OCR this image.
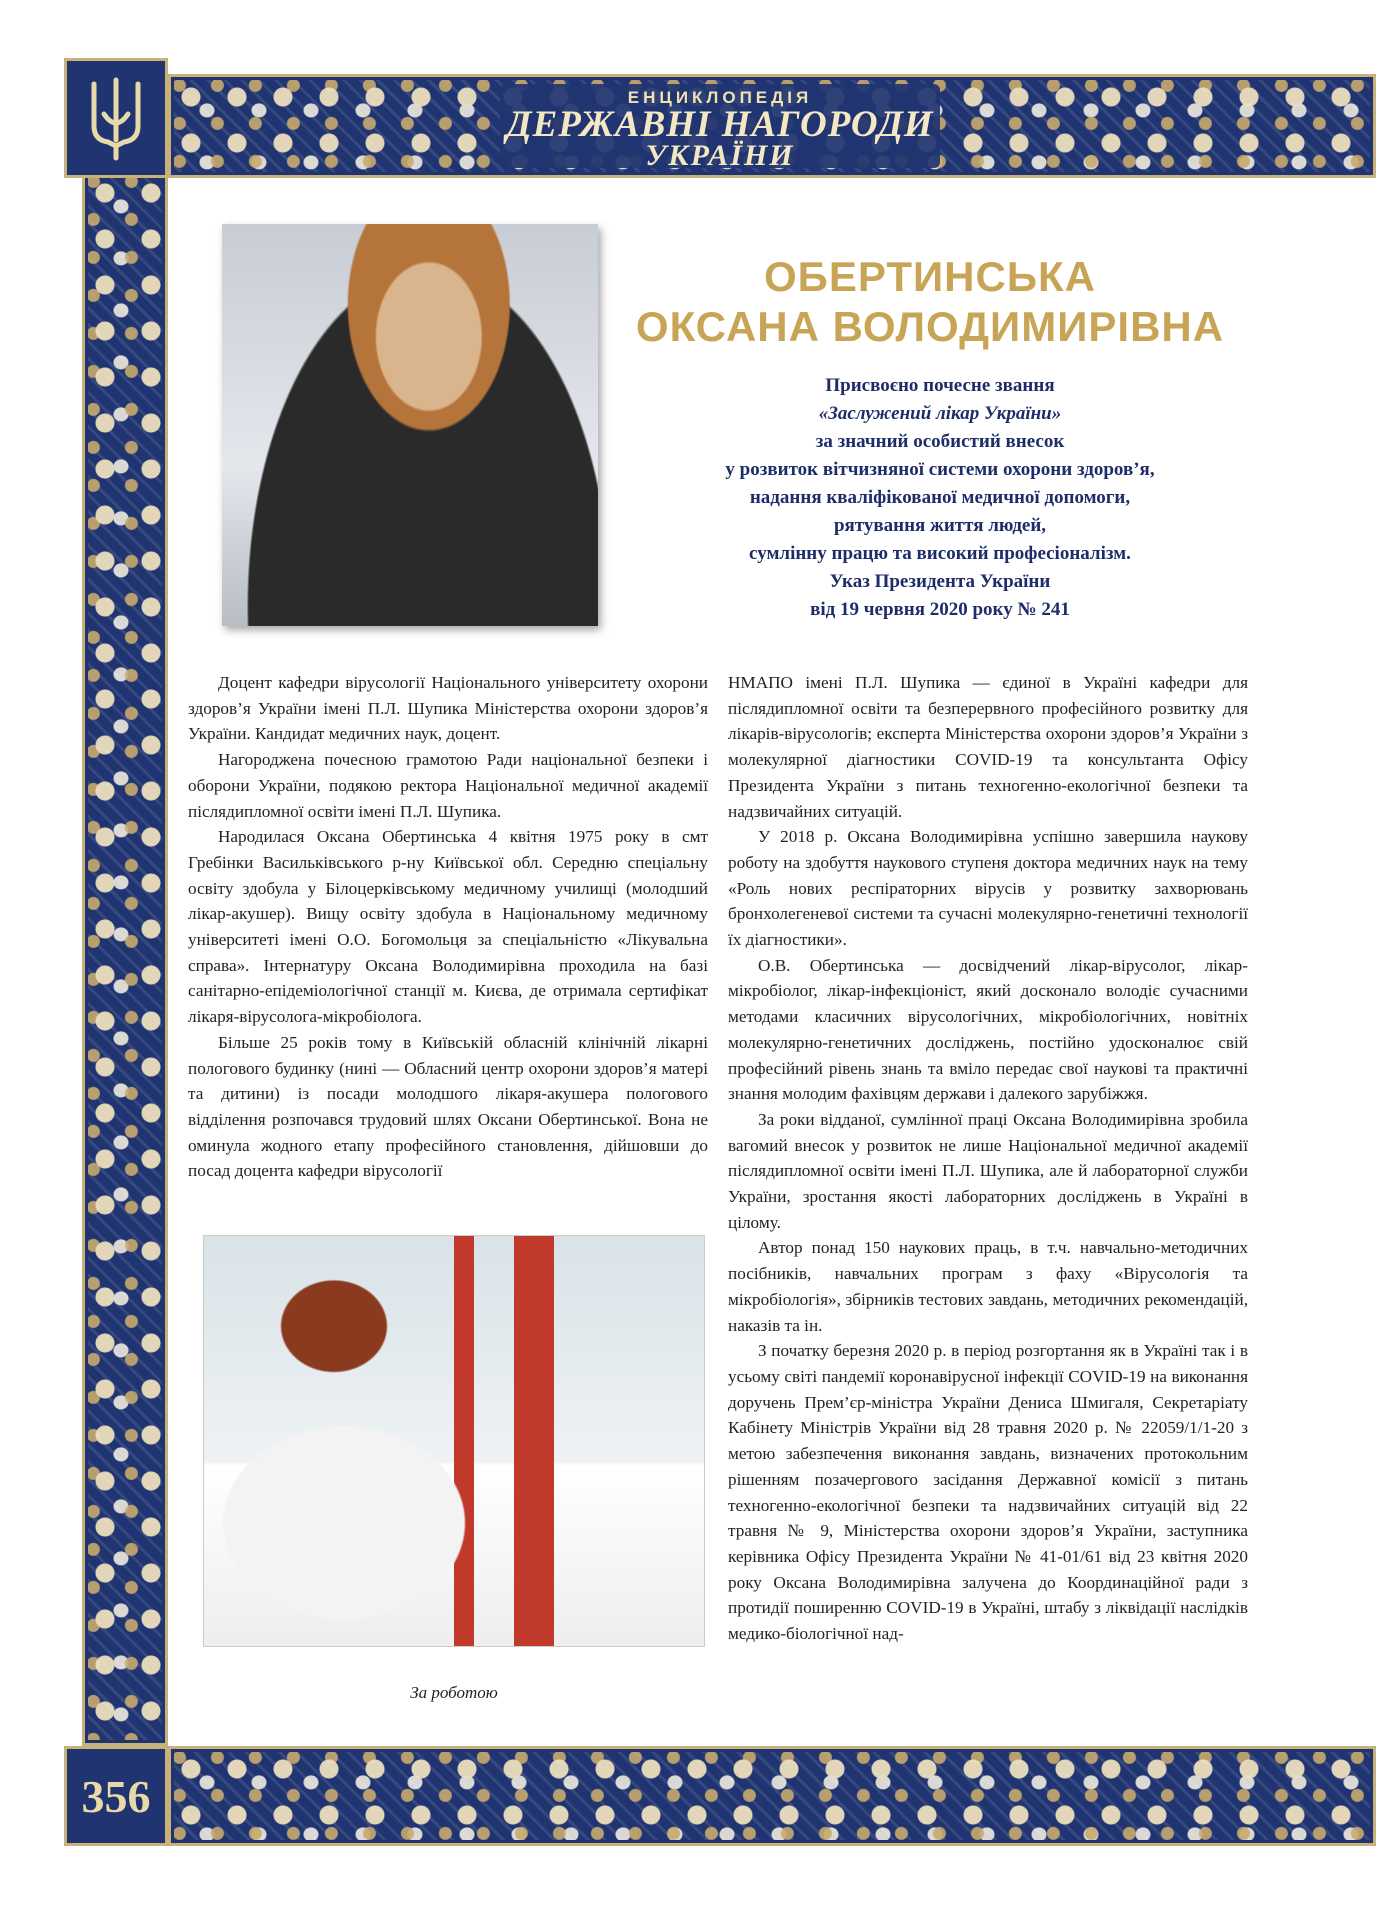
356
ЕНЦИКЛОПЕДІЯ
ДЕРЖАВНІ НАГОРОДИ
УКРАЇНИ
ОБЕРТИНСЬКА
ОКСАНА ВОЛОДИМИРІВНА
Присвоєно почесне звання
«Заслужений лікар України»
за значний особистий внесок
у розвиток вітчизняної системи охорони здоров’я,
надання кваліфікованої медичної допомоги,
рятування життя людей,
сумлінну працю та високий професіоналізм.
Указ Президента України
від 19 червня 2020 року № 241

Доцент кафедри вірусології Національного університету охорони здоров’я України імені П.Л. Шупика Міністерства охорони здоров’я України. Кандидат медичних наук, доцент.

Нагороджена почесною грамотою Ради національної безпеки і оборони України, подякою ректора Національної медичної академії післядипломної освіти імені П.Л. Шупика.

Народилася Оксана Обертинська 4 квітня 1975 року в смт Гребінки Васильківського р-ну Київської обл. Середню спеціальну освіту здобула у Білоцерківському медичному училищі (молодший лікар-акушер). Вищу освіту здобула в Національному медичному університеті імені О.О. Богомольця за спеціальністю «Лікувальна справа». Інтернатуру Оксана Володимирівна проходила на базі санітарно-епідеміологічної станції м. Києва, де отримала сертифікат лікаря-вірусолога-мікробіолога.

Більше 25 років тому в Київській обласній клінічній лікарні пологового будинку (нині — Обласний центр охорони здоров’я матері та дитини) із посади молодшого лікаря-акушера пологового відділення розпочався трудовий шлях Оксани Обертинської. Вона не оминула жодного етапу професійного становлення, дійшовши до посад доцента кафедри вірусології

НМАПО імені П.Л. Шупика — єдиної в Україні кафедри для післядипломної освіти та безперервного професійного розвитку для лікарів-вірусологів; експерта Міністерства охорони здоров’я України з молекулярної діагностики COVID-19 та консультанта Офісу Президента України з питань техногенно-екологічної безпеки та надзвичайних ситуацій.

У 2018 р. Оксана Володимирівна успішно завершила наукову роботу на здобуття наукового ступеня доктора медичних наук на тему «Роль нових респіраторних вірусів у розвитку захворювань бронхолегеневої системи та сучасні молекулярно-генетичні технології їх діагностики».

О.В. Обертинська — досвідчений лікар-вірусолог, лікар-мікробіолог, лікар-інфекціоніст, який досконало володіє сучасними методами класичних вірусологічних, мікробіологічних, новітніх молекулярно-генетичних досліджень, постійно удосконалює свій професійний рівень знань та вміло передає свої наукові та практичні знання молодим фахівцям держави і далекого зарубіжжя.

За роки відданої, сумлінної праці Оксана Володимирівна зробила вагомий внесок у розвиток не лише Національної медичної академії післядипломної освіти імені П.Л. Шупика, але й лабораторної служби України, зростання якості лабораторних досліджень в Україні в цілому.

Автор понад 150 наукових праць, в т.ч. навчально-методичних посібників, навчальних програм з фаху «Вірусологія та мікробіологія», збірників тестових завдань, методичних рекомендацій, наказів та ін.

З початку березня 2020 р. в період розгортання як в Україні так і в усьому світі пандемії коронавірусної інфекції COVID-19 на виконання доручень Прем’єр-міністра України Дениса Шмигаля, Секретаріату Кабінету Міністрів України від 28 травня 2020 р. № 22059/1/1-20 з метою забезпечення виконання завдань, визначених протокольним рішенням позачергового засідання Державної комісії з питань техногенно-екологічної безпеки та надзвичайних ситуацій від 22 травня № 9, Міністерства охорони здоров’я України, заступника керівника Офісу Президента України № 41-01/61 від 23 квітня 2020 року Оксана Володимирівна залучена до Координаційної ради з протидії поширенню COVID-19 в Україні, штабу з ліквідації наслідків медико-біологічної над-

За роботою
